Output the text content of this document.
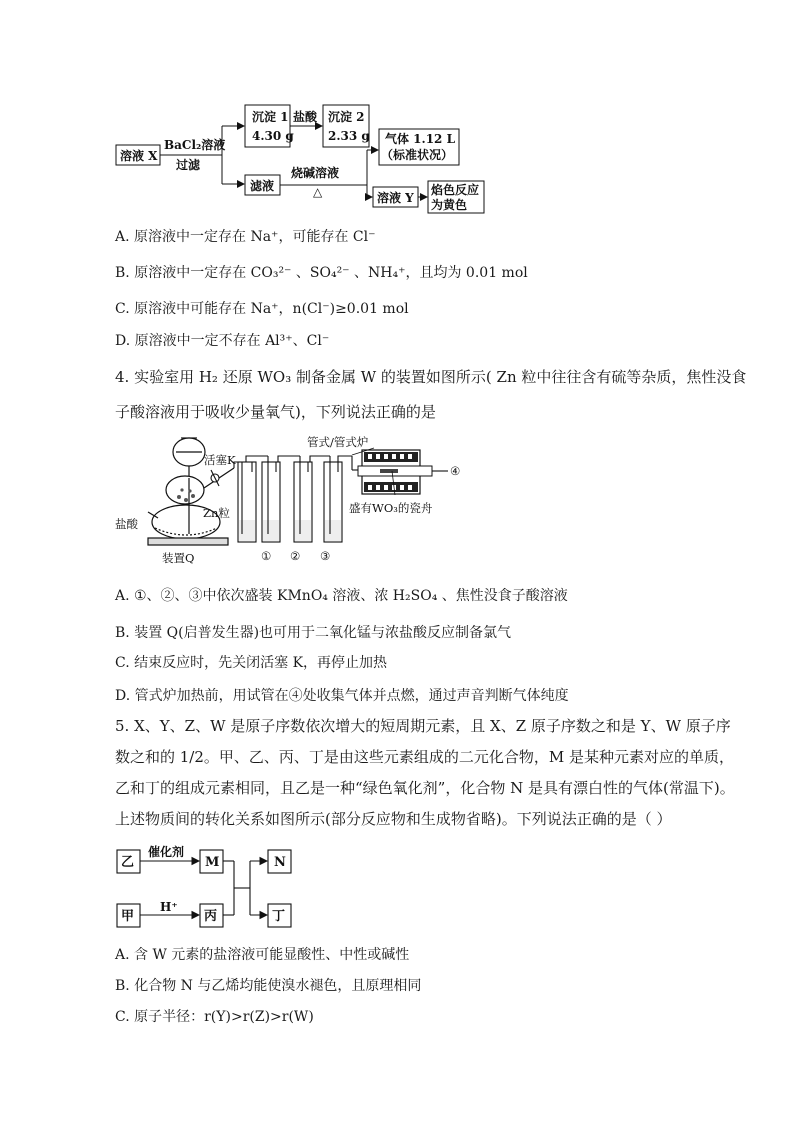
溶液 X
BaCl₂溶液
过滤
沉淀 1
4.30 g
盐酸 沉淀 2
2.33 g 气体 1.12 L
（标准状况）
滤液
烧碱溶液
△	溶液 Y
焰色反应
为黄色
A. 原溶液中一定存在 Na⁺，可能存在 Cl⁻
B. 原溶液中一定存在 CO₃²⁻ 、SO₄²⁻ 、NH₄⁺，且均为 0.01 mol
C. 原溶液中可能存在 Na⁺，n(Cl⁻)≥0.01 mol
D. 原溶液中一定不存在 Al³⁺、Cl⁻
4. 实验室用 H₂ 还原 WO₃ 制备金属 W 的装置如图所示( Zn 粒中往往含有硫等杂质，焦性没食
子酸溶液用于吸收少量氧气)，下列说法正确的是
管式/管式炉
活塞K
Zn粒
盐酸
装置Q	① ② ③
④
盛有WO₃的瓷舟
A. ①、②、③中依次盛装 KMnO₄ 溶液、浓 H₂SO₄ 、焦性没食子酸溶液
B. 装置 Q(启普发生器)也可用于二氧化锰与浓盐酸反应制备氯气
C. 结束反应时，先关闭活塞 K，再停止加热
D. 管式炉加热前，用试管在④处收集气体并点燃，通过声音判断气体纯度
5. X、Y、Z、W 是原子序数依次增大的短周期元素，且 X、Z 原子序数之和是 Y、W 原子序
数之和的 1/2。甲、乙、丙、丁是由这些元素组成的二元化合物，M 是某种元素对应的单质，
乙和丁的组成元素相同，且乙是一种“绿色氧化剂”，化合物 N 是具有漂白性的气体(常温下)。
上述物质间的转化关系如图所示(部分反应物和生成物省略)。下列说法正确的是（ ）
乙
催化剂
M
甲
H⁺
丙
N
丁
A. 含 W 元素的盐溶液可能显酸性、中性或碱性
B. 化合物 N 与乙烯均能使溴水褪色，且原理相同
C. 原子半径：r(Y)>r(Z)>r(W)
